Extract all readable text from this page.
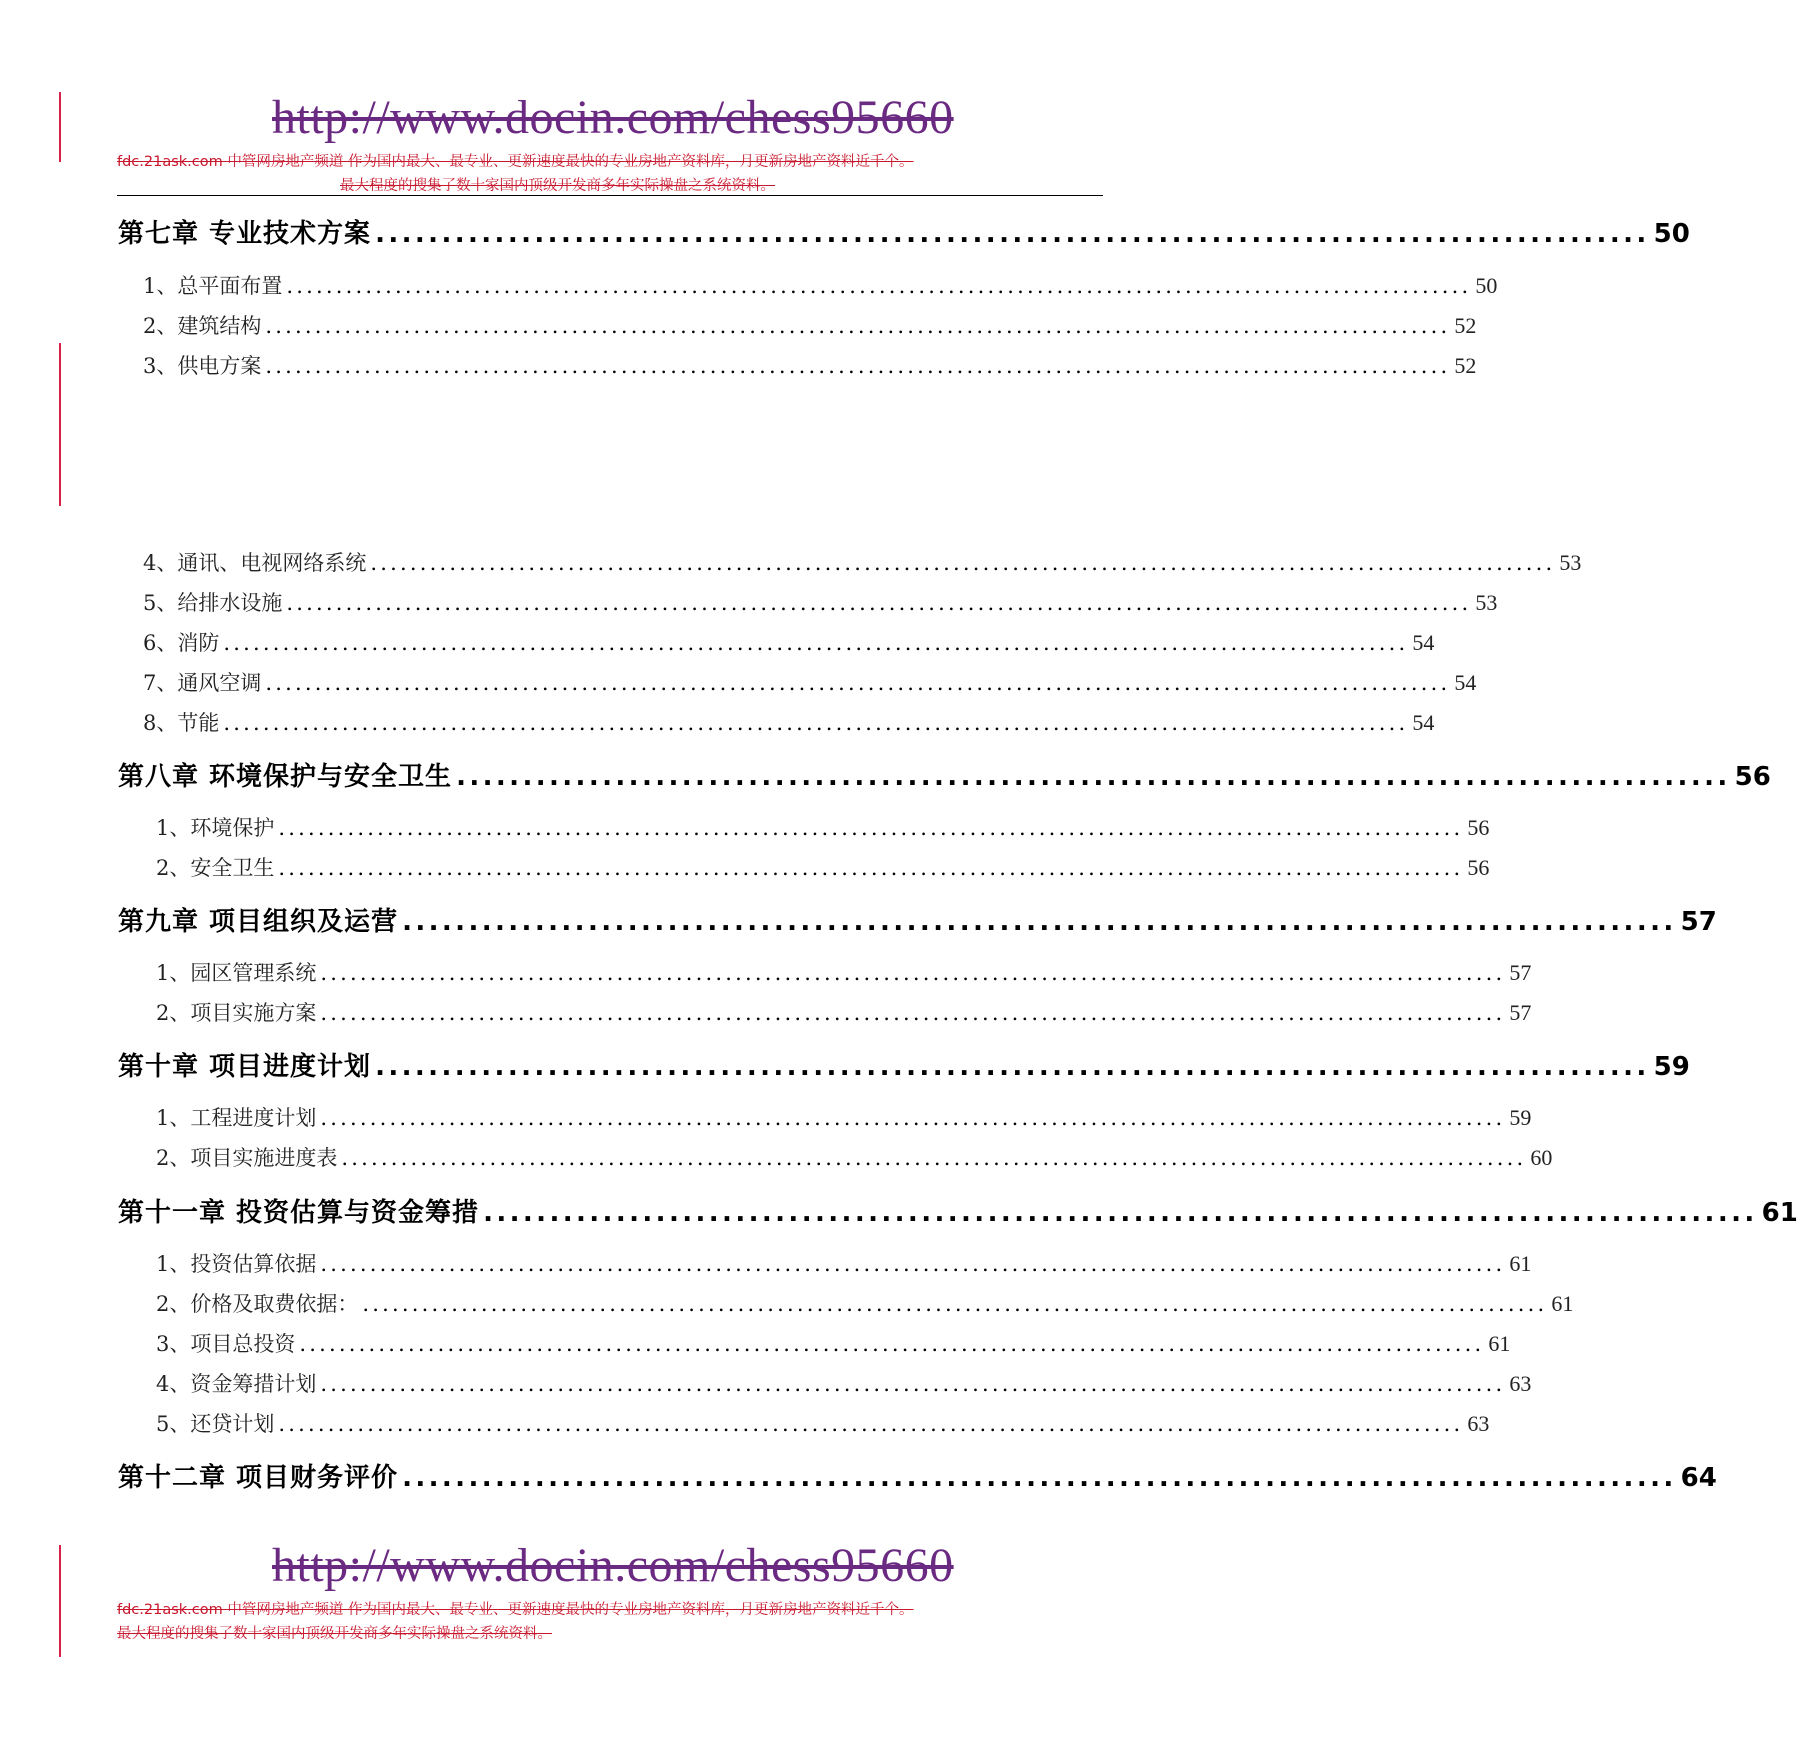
http://www.docin.com/chess95660
fdc.21ask.com 中管网房地产频道 作为国内最大、最专业、更新速度最快的专业房地产资料库，月更新房地产资料近千个。
最大程度的搜集了数十家国内顶级开发商多年实际操盘之系统资料。
第七章 专业技术方案 ................................................................................................ 50
1、总平面布置 ........................................................................................................................ 50
2、建筑结构 ........................................................................................................................ 52
3、供电方案 ........................................................................................................................ 52
4、通讯、电视网络系统 ........................................................................................................................ 53
5、给排水设施 ........................................................................................................................ 53
6、消防 ........................................................................................................................ 54
7、通风空调 ........................................................................................................................ 54
8、节能 ........................................................................................................................ 54
第八章 环境保护与安全卫生 ................................................................................................ 56
1、环境保护 ........................................................................................................................ 56
2、安全卫生 ........................................................................................................................ 56
第九章 项目组织及运营 ................................................................................................ 57
1、园区管理系统 ........................................................................................................................ 57
2、项目实施方案 ........................................................................................................................ 57
第十章 项目进度计划 ................................................................................................ 59
1、工程进度计划 ........................................................................................................................ 59
2、项目实施进度表 ........................................................................................................................ 60
第十一章 投资估算与资金筹措 ................................................................................................ 61
1、投资估算依据 ........................................................................................................................ 61
2、价格及取费依据： ........................................................................................................................ 61
3、项目总投资 ........................................................................................................................ 61
4、资金筹措计划 ........................................................................................................................ 63
5、还贷计划 ........................................................................................................................ 63
第十二章 项目财务评价 ................................................................................................ 64
http://www.docin.com/chess95660
fdc.21ask.com 中管网房地产频道 作为国内最大、最专业、更新速度最快的专业房地产资料库，月更新房地产资料近千个。
最大程度的搜集了数十家国内顶级开发商多年实际操盘之系统资料。
